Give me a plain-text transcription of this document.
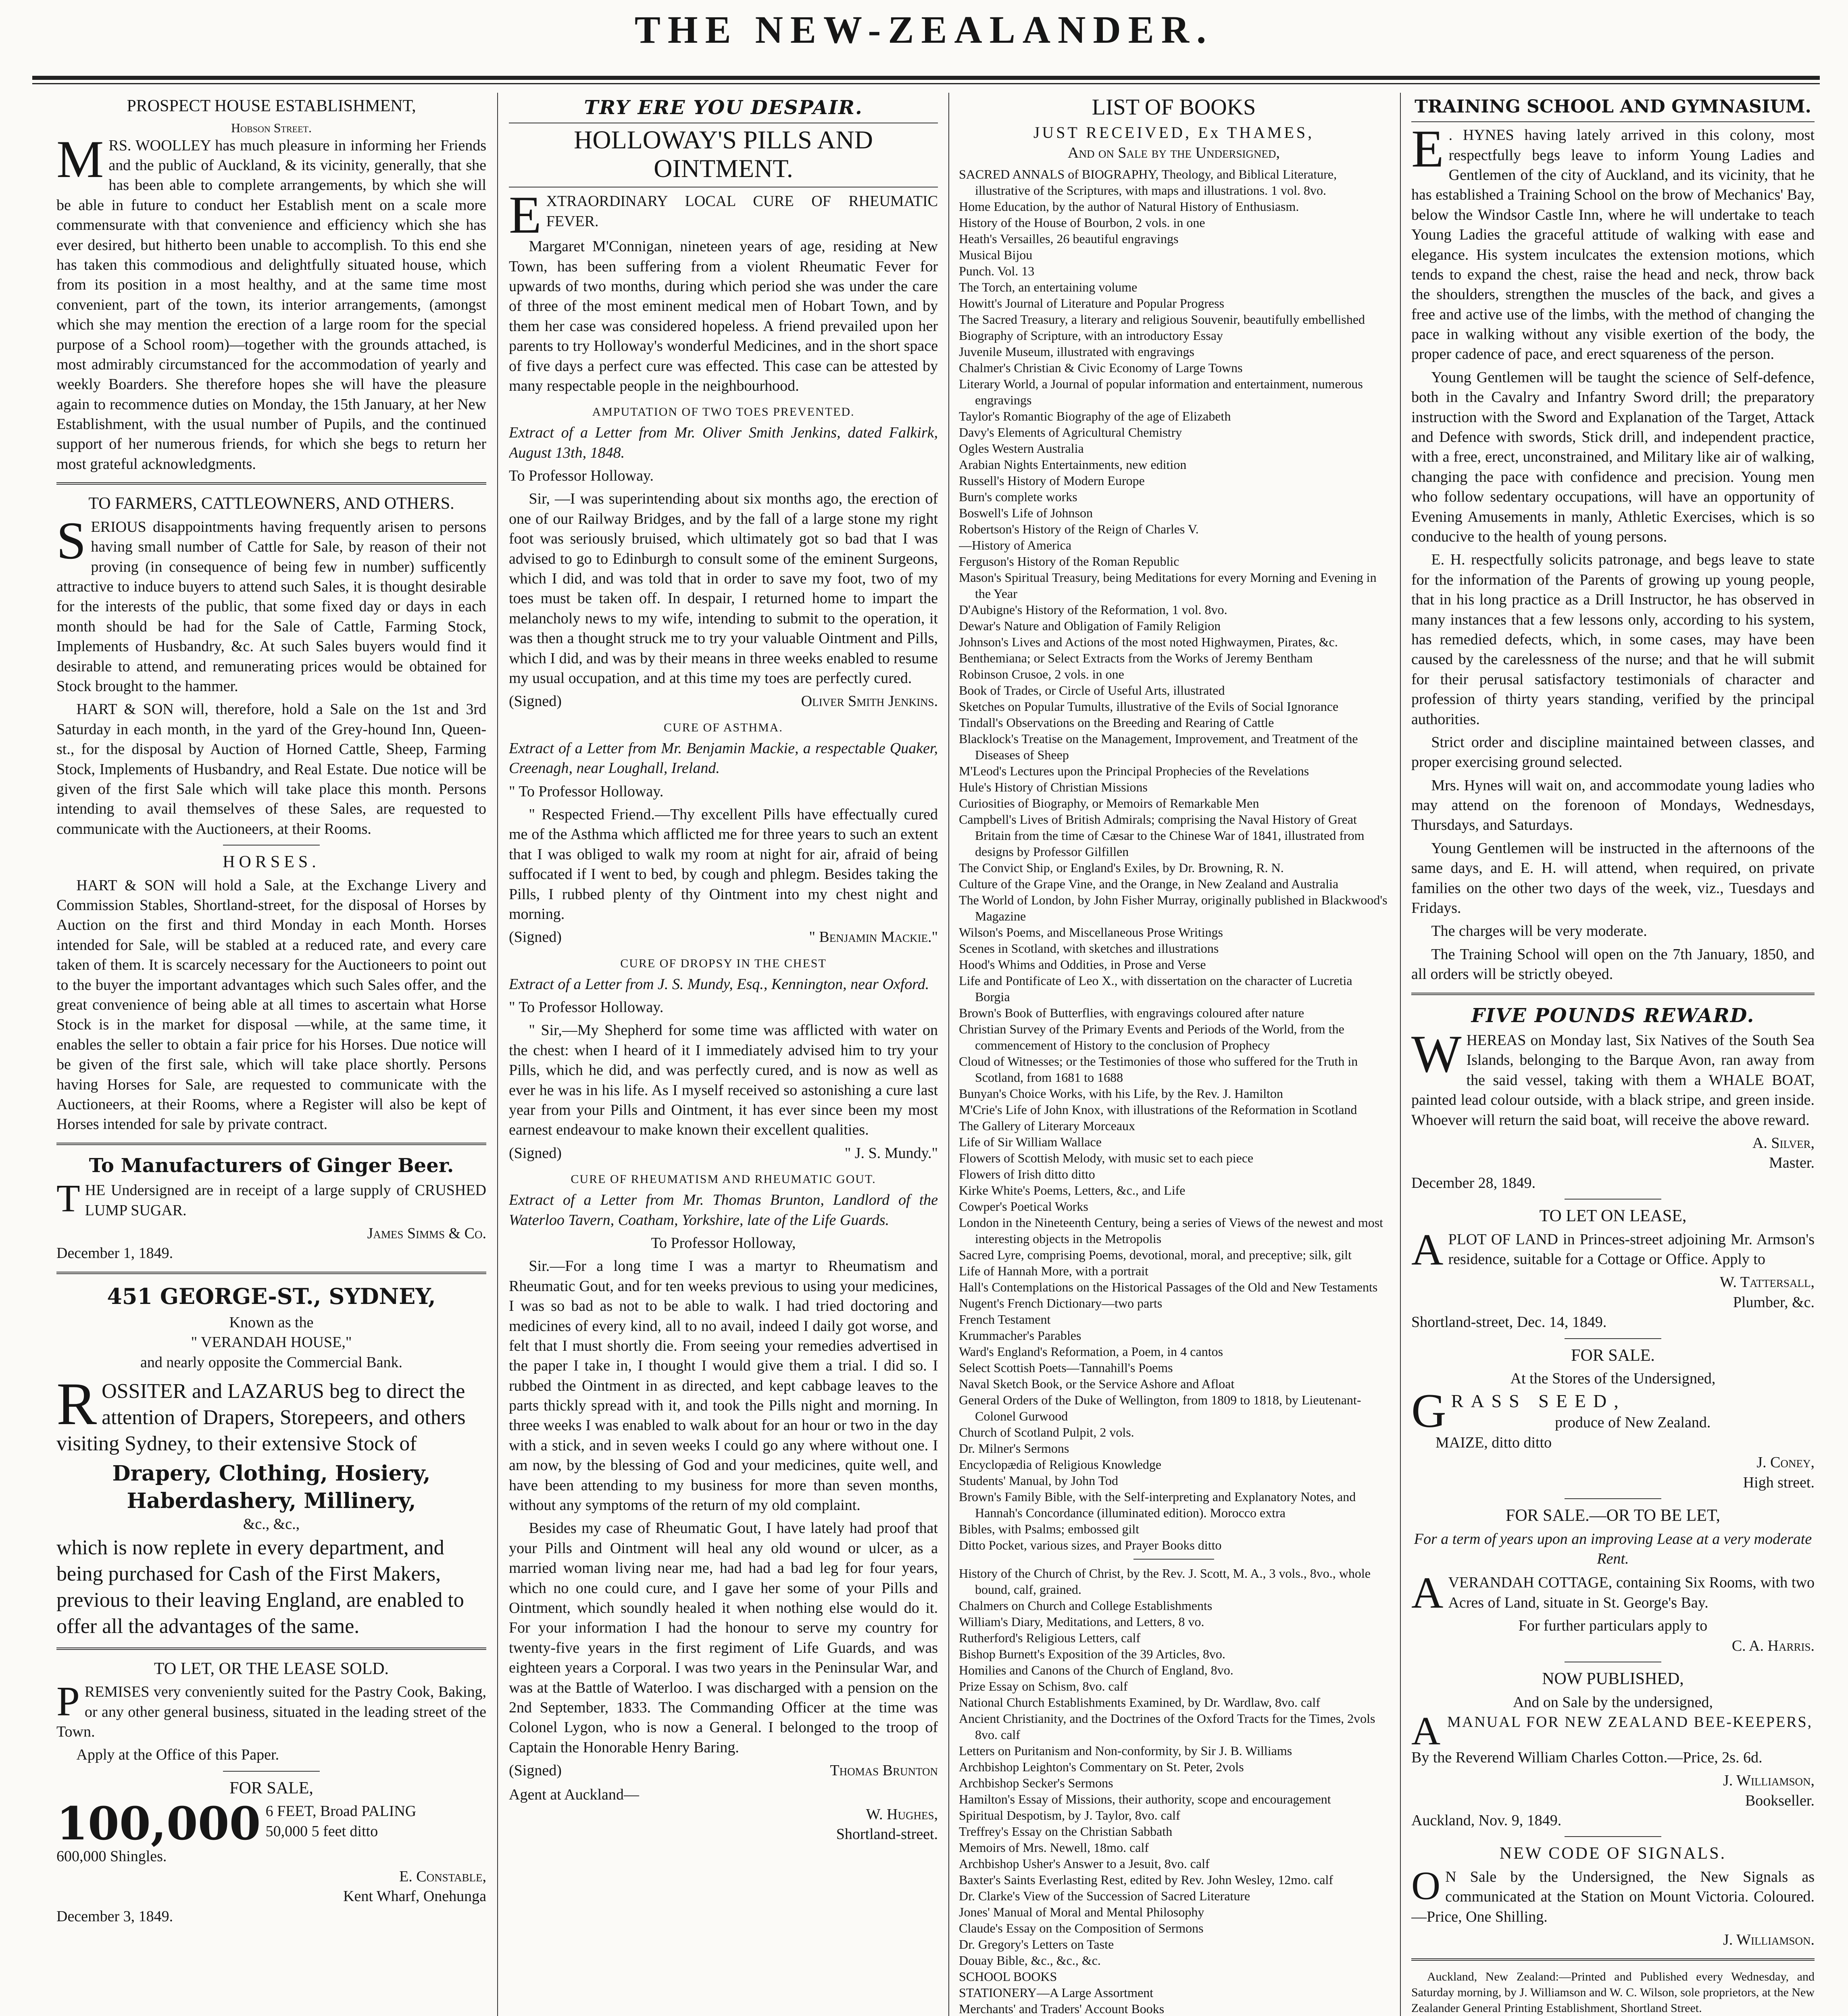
THE NEW-ZEALANDER.
PROSPECT HOUSE ESTABLISHMENT,
Hobson Street.

MRS. WOOLLEY has much pleasure in informing her Friends and the public of Auckland, & its vicinity, generally, that she has been able to complete arrangements, by which she will be able in future to conduct her Establish ment on a scale more commensurate with that convenience and efficiency which she has ever desired, but hitherto been unable to accomplish. To this end she has taken this commodious and delightfully situated house, which from its position in a most healthy, and at the same time most convenient, part of the town, its interior arrangements, (amongst which she may mention the erection of a large room for the special purpose of a School room)—together with the grounds attached, is most admirably circumstanced for the accommodation of yearly and weekly Boarders. She therefore hopes she will have the pleasure again to recommence duties on Monday, the 15th January, at her New Establishment, with the usual number of Pupils, and the continued support of her numerous friends, for which she begs to return her most grateful acknowledgments.

TO FARMERS, CATTLEOWNERS, AND OTHERS.

SERIOUS disappointments having frequently arisen to persons having small number of Cattle for Sale, by reason of their not proving (in consequence of being few in number) sufficently attractive to induce buyers to attend such Sales, it is thought desirable for the interests of the public, that some fixed day or days in each month should be had for the Sale of Cattle, Farming Stock, Implements of Husbandry, &c. At such Sales buyers would find it desirable to attend, and remunerating prices would be obtained for Stock brought to the hammer.

HART & SON will, therefore, hold a Sale on the 1st and 3rd Saturday in each month, in the yard of the Grey-hound Inn, Queen-st., for the disposal by Auction of Horned Cattle, Sheep, Farming Stock, Implements of Husbandry, and Real Estate. Due notice will be given of the first Sale which will take place this month. Persons intending to avail themselves of these Sales, are requested to communicate with the Auctioneers, at their Rooms.

HORSES.

HART & SON will hold a Sale, at the Exchange Livery and Commission Stables, Shortland-street, for the disposal of Horses by Auction on the first and third Monday in each Month. Horses intended for Sale, will be stabled at a reduced rate, and every care taken of them. It is scarcely necessary for the Auctioneers to point out to the buyer the important advantages which such Sales offer, and the great convenience of being able at all times to ascertain what Horse Stock is in the market for disposal —while, at the same time, it enables the seller to obtain a fair price for his Horses. Due notice will be given of the first sale, which will take place shortly. Persons having Horses for Sale, are requested to communicate with the Auctioneers, at their Rooms, where a Register will also be kept of Horses intended for sale by private contract.

To Manufacturers of Ginger Beer.

THE Undersigned are in receipt of a large supply of CRUSHED LUMP SUGAR.

James Simms & Co.
December 1, 1849.
451 GEORGE-ST., SYDNEY,
Known as the
" VERANDAH HOUSE,"
and nearly opposite the Commercial Bank.

ROSSITER and LAZARUS beg to direct the attention of Drapers, Storepeers, and others visiting Sydney, to their extensive Stock of

Drapery, Clothing, Hosiery, Haberdashery, Millinery,
&c., &c.,

which is now replete in every department, and being purchased for Cash of the First Makers, previous to their leaving England, are enabled to offer all the advantages of the same.

TO LET, OR THE LEASE SOLD.

PREMISES very conveniently suited for the Pastry Cook, Baking, or any other general business, situated in the leading street of the Town.

Apply at the Office of this Paper.

FOR SALE,
100,000 6 FEET, Broad PALING
50,000 5 feet ditto
600,000 Shingles.
E. Constable,
Kent Wharf, Onehunga
December 3, 1849.
TRY ERE YOU DESPAIR.
HOLLOWAY'S PILLS AND OINTMENT.

EXTRAORDINARY LOCAL CURE OF RHEUMATIC FEVER.

Margaret M'Connigan, nineteen years of age, residing at New Town, has been suffering from a violent Rheumatic Fever for upwards of two months, during which period she was under the care of three of the most eminent medical men of Hobart Town, and by them her case was considered hopeless. A friend prevailed upon her parents to try Holloway's wonderful Medicines, and in the short space of five days a perfect cure was effected. This case can be attested by many respectable people in the neighbourhood.

AMPUTATION OF TWO TOES PREVENTED.

Extract of a Letter from Mr. Oliver Smith Jenkins, dated Falkirk, August 13th, 1848.

To Professor Holloway.

Sir, —I was superintending about six months ago, the erection of one of our Railway Bridges, and by the fall of a large stone my right foot was seriously bruised, which ultimately got so bad that I was advised to go to Edinburgh to consult some of the eminent Surgeons, which I did, and was told that in order to save my foot, two of my toes must be taken off. In despair, I returned home to impart the melancholy news to my wife, intending to submit to the operation, it was then a thought struck me to try your valuable Ointment and Pills, which I did, and was by their means in three weeks enabled to resume my usual occupation, and at this time my toes are perfectly cured.

(Signed)	Oliver Smith Jenkins.
CURE OF ASTHMA.

Extract of a Letter from Mr. Benjamin Mackie, a respectable Quaker, Creenagh, near Loughall, Ireland.

" To Professor Holloway.

" Respected Friend.—Thy excellent Pills have effectually cured me of the Asthma which afflicted me for three years to such an extent that I was obliged to walk my room at night for air, afraid of being suffocated if I went to bed, by cough and phlegm. Besides taking the Pills, I rubbed plenty of thy Ointment into my chest night and morning.

(Signed)	" Benjamin Mackie."
CURE OF DROPSY IN THE CHEST

Extract of a Letter from J. S. Mundy, Esq., Kennington, near Oxford.

" To Professor Holloway.

" Sir,—My Shepherd for some time was afflicted with water on the chest: when I heard of it I immediately advised him to try your Pills, which he did, and was perfectly cured, and is now as well as ever he was in his life. As I myself received so astonishing a cure last year from your Pills and Ointment, it has ever since been my most earnest endeavour to make known their excellent qualities.

(Signed)	" J. S. Mundy."
CURE OF RHEUMATISM AND RHEUMATIC GOUT.

Extract of a Letter from Mr. Thomas Brunton, Landlord of the Waterloo Tavern, Coatham, Yorkshire, late of the Life Guards.

To Professor Holloway,

Sir.—For a long time I was a martyr to Rheumatism and Rheumatic Gout, and for ten weeks previous to using your medicines, I was so bad as not to be able to walk. I had tried doctoring and medicines of every kind, all to no avail, indeed I daily got worse, and felt that I must shortly die. From seeing your remedies advertised in the paper I take in, I thought I would give them a trial. I did so. I rubbed the Ointment in as directed, and kept cabbage leaves to the parts thickly spread with it, and took the Pills night and morning. In three weeks I was enabled to walk about for an hour or two in the day with a stick, and in seven weeks I could go any where without one. I am now, by the blessing of God and your medicines, quite well, and have been attending to my business for more than seven months, without any symptoms of the return of my old complaint.

Besides my case of Rheumatic Gout, I have lately had proof that your Pills and Ointment will heal any old wound or ulcer, as a married woman living near me, had had a bad leg for four years, which no one could cure, and I gave her some of your Pills and Ointment, which soundly healed it when nothing else would do it. For your information I had the honour to serve my country for twenty-five years in the first regiment of Life Guards, and was eighteen years a Corporal. I was two years in the Peninsular War, and was at the Battle of Waterloo. I was discharged with a pension on the 2nd September, 1833. The Commanding Officer at the time was Colonel Lygon, who is now a General. I belonged to the troop of Captain the Honorable Henry Baring.

(Signed)	Thomas Brunton
Agent at Auckland—
W. Hughes,
Shortland-street.
LIST OF BOOKS
JUST RECEIVED, Ex THAMES,
And on Sale by the Undersigned,

SACRED ANNALS of BIOGRAPHY, Theology, and Biblical Literature, illustrative of the Scriptures, with maps and illustrations. 1 vol. 8vo.

Home Education, by the author of Natural History of Enthusiasm.

History of the House of Bourbon, 2 vols. in one

Heath's Versailles, 26 beautiful engravings

Musical Bijou

Punch. Vol. 13

The Torch, an entertaining volume

Howitt's Journal of Literature and Popular Progress

The Sacred Treasury, a literary and religious Souvenir, beautifully embellished

Biography of Scripture, with an introductory Essay

Juvenile Museum, illustrated with engravings

Chalmer's Christian & Civic Economy of Large Towns

Literary World, a Journal of popular information and entertainment, numerous engravings

Taylor's Romantic Biography of the age of Elizabeth

Davy's Elements of Agricultural Chemistry

Ogles Western Australia

Arabian Nights Entertainments, new edition

Russell's History of Modern Europe

Burn's complete works

Boswell's Life of Johnson

Robertson's History of the Reign of Charles V.

—History of America

Ferguson's History of the Roman Republic

Mason's Spiritual Treasury, being Meditations for every Morning and Evening in the Year

D'Aubigne's History of the Reformation, 1 vol. 8vo.

Dewar's Nature and Obligation of Family Religion

Johnson's Lives and Actions of the most noted Highwaymen, Pirates, &c.

Benthemiana; or Select Extracts from the Works of Jeremy Bentham

Robinson Crusoe, 2 vols. in one

Book of Trades, or Circle of Useful Arts, illustrated

Sketches on Popular Tumults, illustrative of the Evils of Social Ignorance

Tindall's Observations on the Breeding and Rearing of Cattle

Blacklock's Treatise on the Management, Improvement, and Treatment of the Diseases of Sheep

M'Leod's Lectures upon the Principal Prophecies of the Revelations

Hule's History of Christian Missions

Curiosities of Biography, or Memoirs of Remarkable Men

Campbell's Lives of British Admirals; comprising the Naval History of Great Britain from the time of Cæsar to the Chinese War of 1841, illustrated from designs by Professor Gilfillen

The Convict Ship, or England's Exiles, by Dr. Browning, R. N.

Culture of the Grape Vine, and the Orange, in New Zealand and Australia

The World of London, by John Fisher Murray, originally published in Blackwood's Magazine

Wilson's Poems, and Miscellaneous Prose Writings

Scenes in Scotland, with sketches and illustrations

Hood's Whims and Oddities, in Prose and Verse

Life and Pontificate of Leo X., with dissertation on the character of Lucretia Borgia

Brown's Book of Butterflies, with engravings coloured after nature

Christian Survey of the Primary Events and Periods of the World, from the commencement of History to the conclusion of Prophecy

Cloud of Witnesses; or the Testimonies of those who suffered for the Truth in Scotland, from 1681 to 1688

Bunyan's Choice Works, with his Life, by the Rev. J. Hamilton

M'Crie's Life of John Knox, with illustrations of the Reformation in Scotland

The Gallery of Literary Morceaux

Life of Sir William Wallace

Flowers of Scottish Melody, with music set to each piece

Flowers of Irish ditto ditto

Kirke White's Poems, Letters, &c., and Life

Cowper's Poetical Works

London in the Nineteenth Century, being a series of Views of the newest and most interesting objects in the Metropolis

Sacred Lyre, comprising Poems, devotional, moral, and preceptive; silk, gilt

Life of Hannah More, with a portrait

Hall's Contemplations on the Historical Passages of the Old and New Testaments

Nugent's French Dictionary—two parts

French Testament

Krummacher's Parables

Ward's England's Reformation, a Poem, in 4 cantos

Select Scottish Poets—Tannahill's Poems

Naval Sketch Book, or the Service Ashore and Afloat

General Orders of the Duke of Wellington, from 1809 to 1818, by Lieutenant-Colonel Gurwood

Church of Scotland Pulpit, 2 vols.

Dr. Milner's Sermons

Encyclopædia of Religious Knowledge

Students' Manual, by John Tod

Brown's Family Bible, with the Self-interpreting and Explanatory Notes, and Hannah's Concordance (illuminated edition). Morocco extra

Bibles, with Psalms; embossed gilt

Ditto Pocket, various sizes, and Prayer Books ditto

History of the Church of Christ, by the Rev. J. Scott, M. A., 3 vols., 8vo., whole bound, calf, grained.

Chalmers on Church and College Establishments

William's Diary, Meditations, and Letters, 8 vo.

Rutherford's Religious Letters, calf

Bishop Burnett's Exposition of the 39 Articles, 8vo.

Homilies and Canons of the Church of England, 8vo.

Prize Essay on Schism, 8vo. calf

National Church Establishments Examined, by Dr. Wardlaw, 8vo. calf

Ancient Christianity, and the Doctrines of the Oxford Tracts for the Times, 2vols 8vo. calf

Letters on Puritanism and Non-conformity, by Sir J. B. Williams

Archbishop Leighton's Commentary on St. Peter, 2vols

Archbishop Secker's Sermons

Hamilton's Essay of Missions, their authority, scope and encouragement

Spiritual Despotism, by J. Taylor, 8vo. calf

Treffrey's Essay on the Christian Sabbath

Memoirs of Mrs. Newell, 18mo. calf

Archbishop Usher's Answer to a Jesuit, 8vo. calf

Baxter's Saints Everlasting Rest, edited by Rev. John Wesley, 12mo. calf

Dr. Clarke's View of the Succession of Sacred Literature

Jones' Manual of Moral and Mental Philosophy

Claude's Essay on the Composition of Sermons

Dr. Gregory's Letters on Taste

Douay Bible, &c., &c., &c.

SCHOOL BOOKS

STATIONERY—A Large Assortment

Merchants' and Traders' Account Books

TRAINING SCHOOL AND GYMNASIUM.

E . HYNES having lately arrived in this colony, most respectfully begs leave to inform Young Ladies and Gentlemen of the city of Auckland, and its vicinity, that he has established a Training School on the brow of Mechanics' Bay, below the Windsor Castle Inn, where he will undertake to teach Young Ladies the graceful attitude of walking with ease and elegance. His system inculcates the extension motions, which tends to expand the chest, raise the head and neck, throw back the shoulders, strengthen the muscles of the back, and gives a free and active use of the limbs, with the method of changing the pace in walking without any visible exertion of the body, the proper cadence of pace, and erect squareness of the person.

Young Gentlemen will be taught the science of Self-defence, both in the Cavalry and Infantry Sword drill; the preparatory instruction with the Sword and Explanation of the Target, Attack and Defence with swords, Stick drill, and independent practice, with a free, erect, unconstrained, and Military like air of walking, changing the pace with confidence and precision. Young men who follow sedentary occupations, will have an opportunity of Evening Amusements in manly, Athletic Exercises, which is so conducive to the health of young persons.

E. H. respectfully solicits patronage, and begs leave to state for the information of the Parents of growing up young people, that in his long practice as a Drill Instructor, he has observed in many instances that a few lessons only, according to his system, has remedied defects, which, in some cases, may have been caused by the carelessness of the nurse; and that he will submit for their perusal satisfactory testimonials of character and profession of thirty years standing, verified by the principal authorities.

Strict order and discipline maintained between classes, and proper exercising ground selected.

Mrs. Hynes will wait on, and accommodate young ladies who may attend on the forenoon of Mondays, Wednesdays, Thursdays, and Saturdays.

Young Gentlemen will be instructed in the afternoons of the same days, and E. H. will attend, when required, on private families on the other two days of the week, viz., Tuesdays and Fridays.

The charges will be very moderate.

The Training School will open on the 7th January, 1850, and all orders will be strictly obeyed.

FIVE POUNDS REWARD.

WHEREAS on Monday last, Six Natives of the South Sea Islands, belonging to the Barque Avon, ran away from the said vessel, taking with them a WHALE BOAT, painted lead colour outside, with a black stripe, and green inside. Whoever will return the said boat, will receive the above reward.

A. Silver,
Master.
December 28, 1849.
TO LET ON LEASE,

APLOT OF LAND in Princes-street adjoining Mr. Armson's residence, suitable for a Cottage or Office. Apply to

W. Tattersall,
Plumber, &c.
Shortland-street, Dec. 14, 1849.
FOR SALE.
At the Stores of the Undersigned,
G RASS SEED,
produce of New Zealand.
MAIZE, ditto ditto
J. Coney,
High street.
FOR SALE.—OR TO BE LET,
For a term of years upon an improving Lease at a very moderate Rent.

AVERANDAH COTTAGE, containing Six Rooms, with two Acres of Land, situate in St. George's Bay.

For further particulars apply to
C. A. Harris.
NOW PUBLISHED,
And on Sale by the undersigned,

AMANUAL FOR NEW ZEALAND BEE-KEEPERS,

By the Reverend William Charles Cotton.—Price, 2s. 6d.

J. Williamson,
Bookseller.
Auckland, Nov. 9, 1849.
NEW CODE OF SIGNALS.

O N Sale by the Undersigned, the New Signals as communicated at the Station on Mount Victoria. Coloured.—Price, One Shilling.

J. Williamson.

Auckland, New Zealand:—Printed and Published every Wednesday, and Saturday morning, by J. Williamson and W. C. Wilson, sole proprietors, at the New Zealander General Printing Establishment, Shortland Street.
